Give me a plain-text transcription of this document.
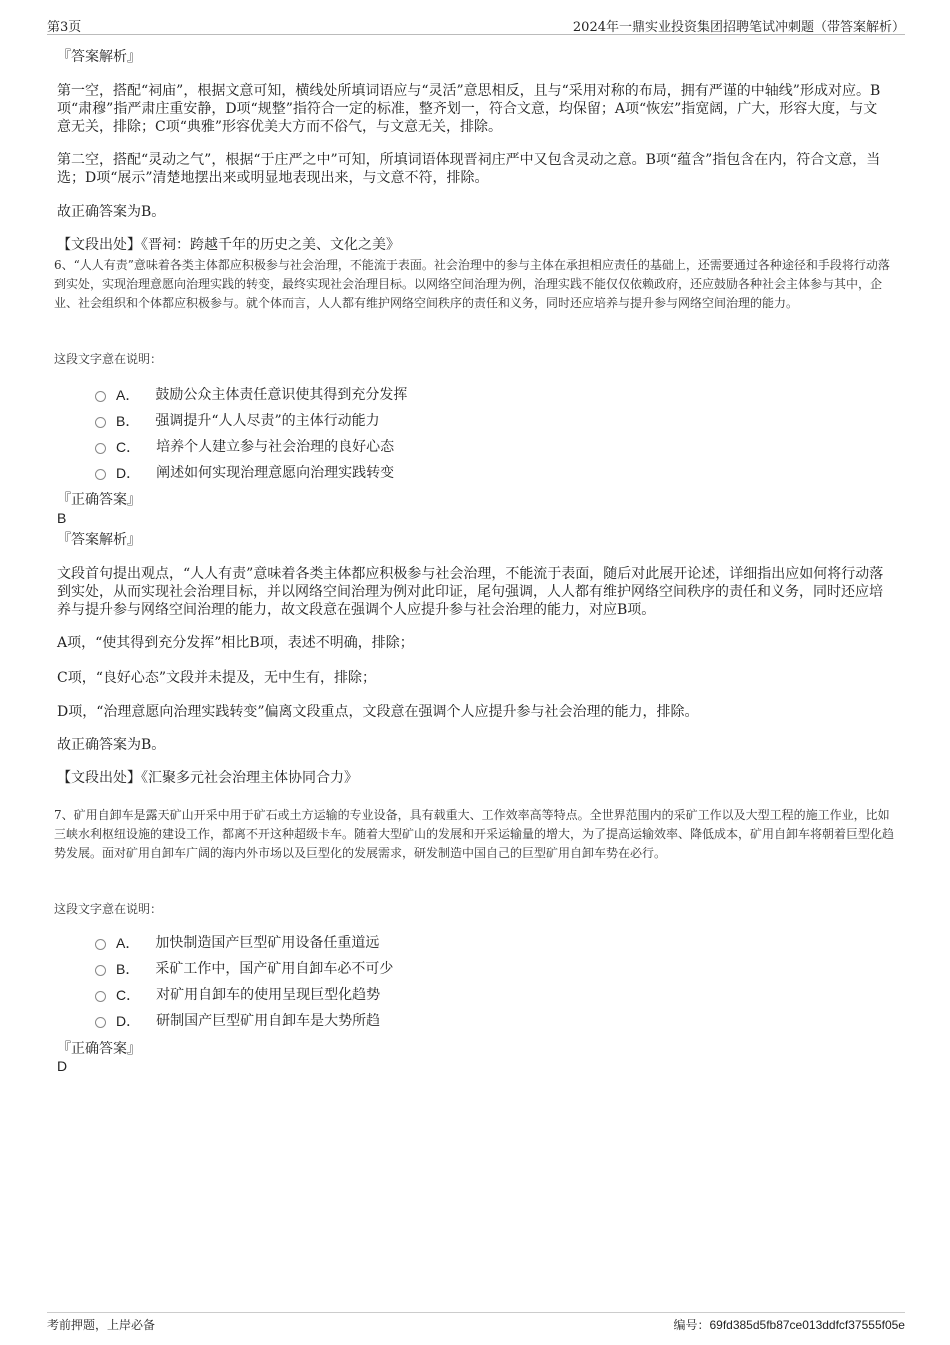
第3页	2024年一鼎实业投资集团招聘笔试冲刺题（带答案解析）
『答案解析』

第一空，搭配“祠庙”，根据文意可知，横线处所填词语应与“灵活”意思相反，且与“采用对称的布局，拥有严谨的中轴线”形成对应。B项“肃穆”指严肃庄重安静，D项“规整”指符合一定的标准，整齐划一，符合文意，均保留；A项“恢宏”指宽阔，广大，形容大度，与文意无关，排除；C项“典雅”形容优美大方而不俗气，与文意无关，排除。

第二空，搭配“灵动之气”，根据“于庄严之中”可知，所填词语体现晋祠庄严中又包含灵动之意。B项“蕴含”指包含在内，符合文意，当选；D项“展示”清楚地摆出来或明显地表现出来，与文意不符，排除。

故正确答案为B。

【文段出处】《晋祠：跨越千年的历史之美、文化之美》

6、“人人有责”意味着各类主体都应积极参与社会治理，不能流于表面。社会治理中的参与主体在承担相应责任的基础上，还需要通过各种途径和手段将行动落到实处，实现治理意愿向治理实践的转变，最终实现社会治理目标。以网络空间治理为例，治理实践不能仅仅依赖政府，还应鼓励各种社会主体参与其中，企业、社会组织和个体都应积极参与。就个体而言，人人都有维护网络空间秩序的责任和义务，同时还应培养与提升参与网络空间治理的能力。

这段文字意在说明：
A． 鼓励公众主体责任意识使其得到充分发挥
B． 强调提升“人人尽责”的主体行动能力
C． 培养个人建立参与社会治理的良好心态
D． 阐述如何实现治理意愿向治理实践转变
『正确答案』
B
『答案解析』

文段首句提出观点，“人人有责”意味着各类主体都应积极参与社会治理，不能流于表面，随后对此展开论述，详细指出应如何将行动落到实处，从而实现社会治理目标，并以网络空间治理为例对此印证，尾句强调，人人都有维护网络空间秩序的责任和义务，同时还应培养与提升参与网络空间治理的能力，故文段意在强调个人应提升参与社会治理的能力，对应B项。

A项，“使其得到充分发挥”相比B项，表述不明确，排除；

C项，“良好心态”文段并未提及，无中生有，排除；

D项，“治理意愿向治理实践转变”偏离文段重点，文段意在强调个人应提升参与社会治理的能力，排除。

故正确答案为B。

【文段出处】《汇聚多元社会治理主体协同合力》

7、矿用自卸车是露天矿山开采中用于矿石或土方运输的专业设备，具有载重大、工作效率高等特点。全世界范围内的采矿工作以及大型工程的施工作业，比如三峡水利枢纽设施的建设工作，都离不开这种超级卡车。随着大型矿山的发展和开采运输量的增大，为了提高运输效率、降低成本，矿用自卸车将朝着巨型化趋势发展。面对矿用自卸车广阔的海内外市场以及巨型化的发展需求，研发制造中国自己的巨型矿用自卸车势在必行。

这段文字意在说明：
A． 加快制造国产巨型矿用设备任重道远
B． 采矿工作中，国产矿用自卸车必不可少
C． 对矿用自卸车的使用呈现巨型化趋势
D． 研制国产巨型矿用自卸车是大势所趋
『正确答案』
D
考前押题，上岸必备	编号：69fd385d5fb87ce013ddfcf37555f05e
